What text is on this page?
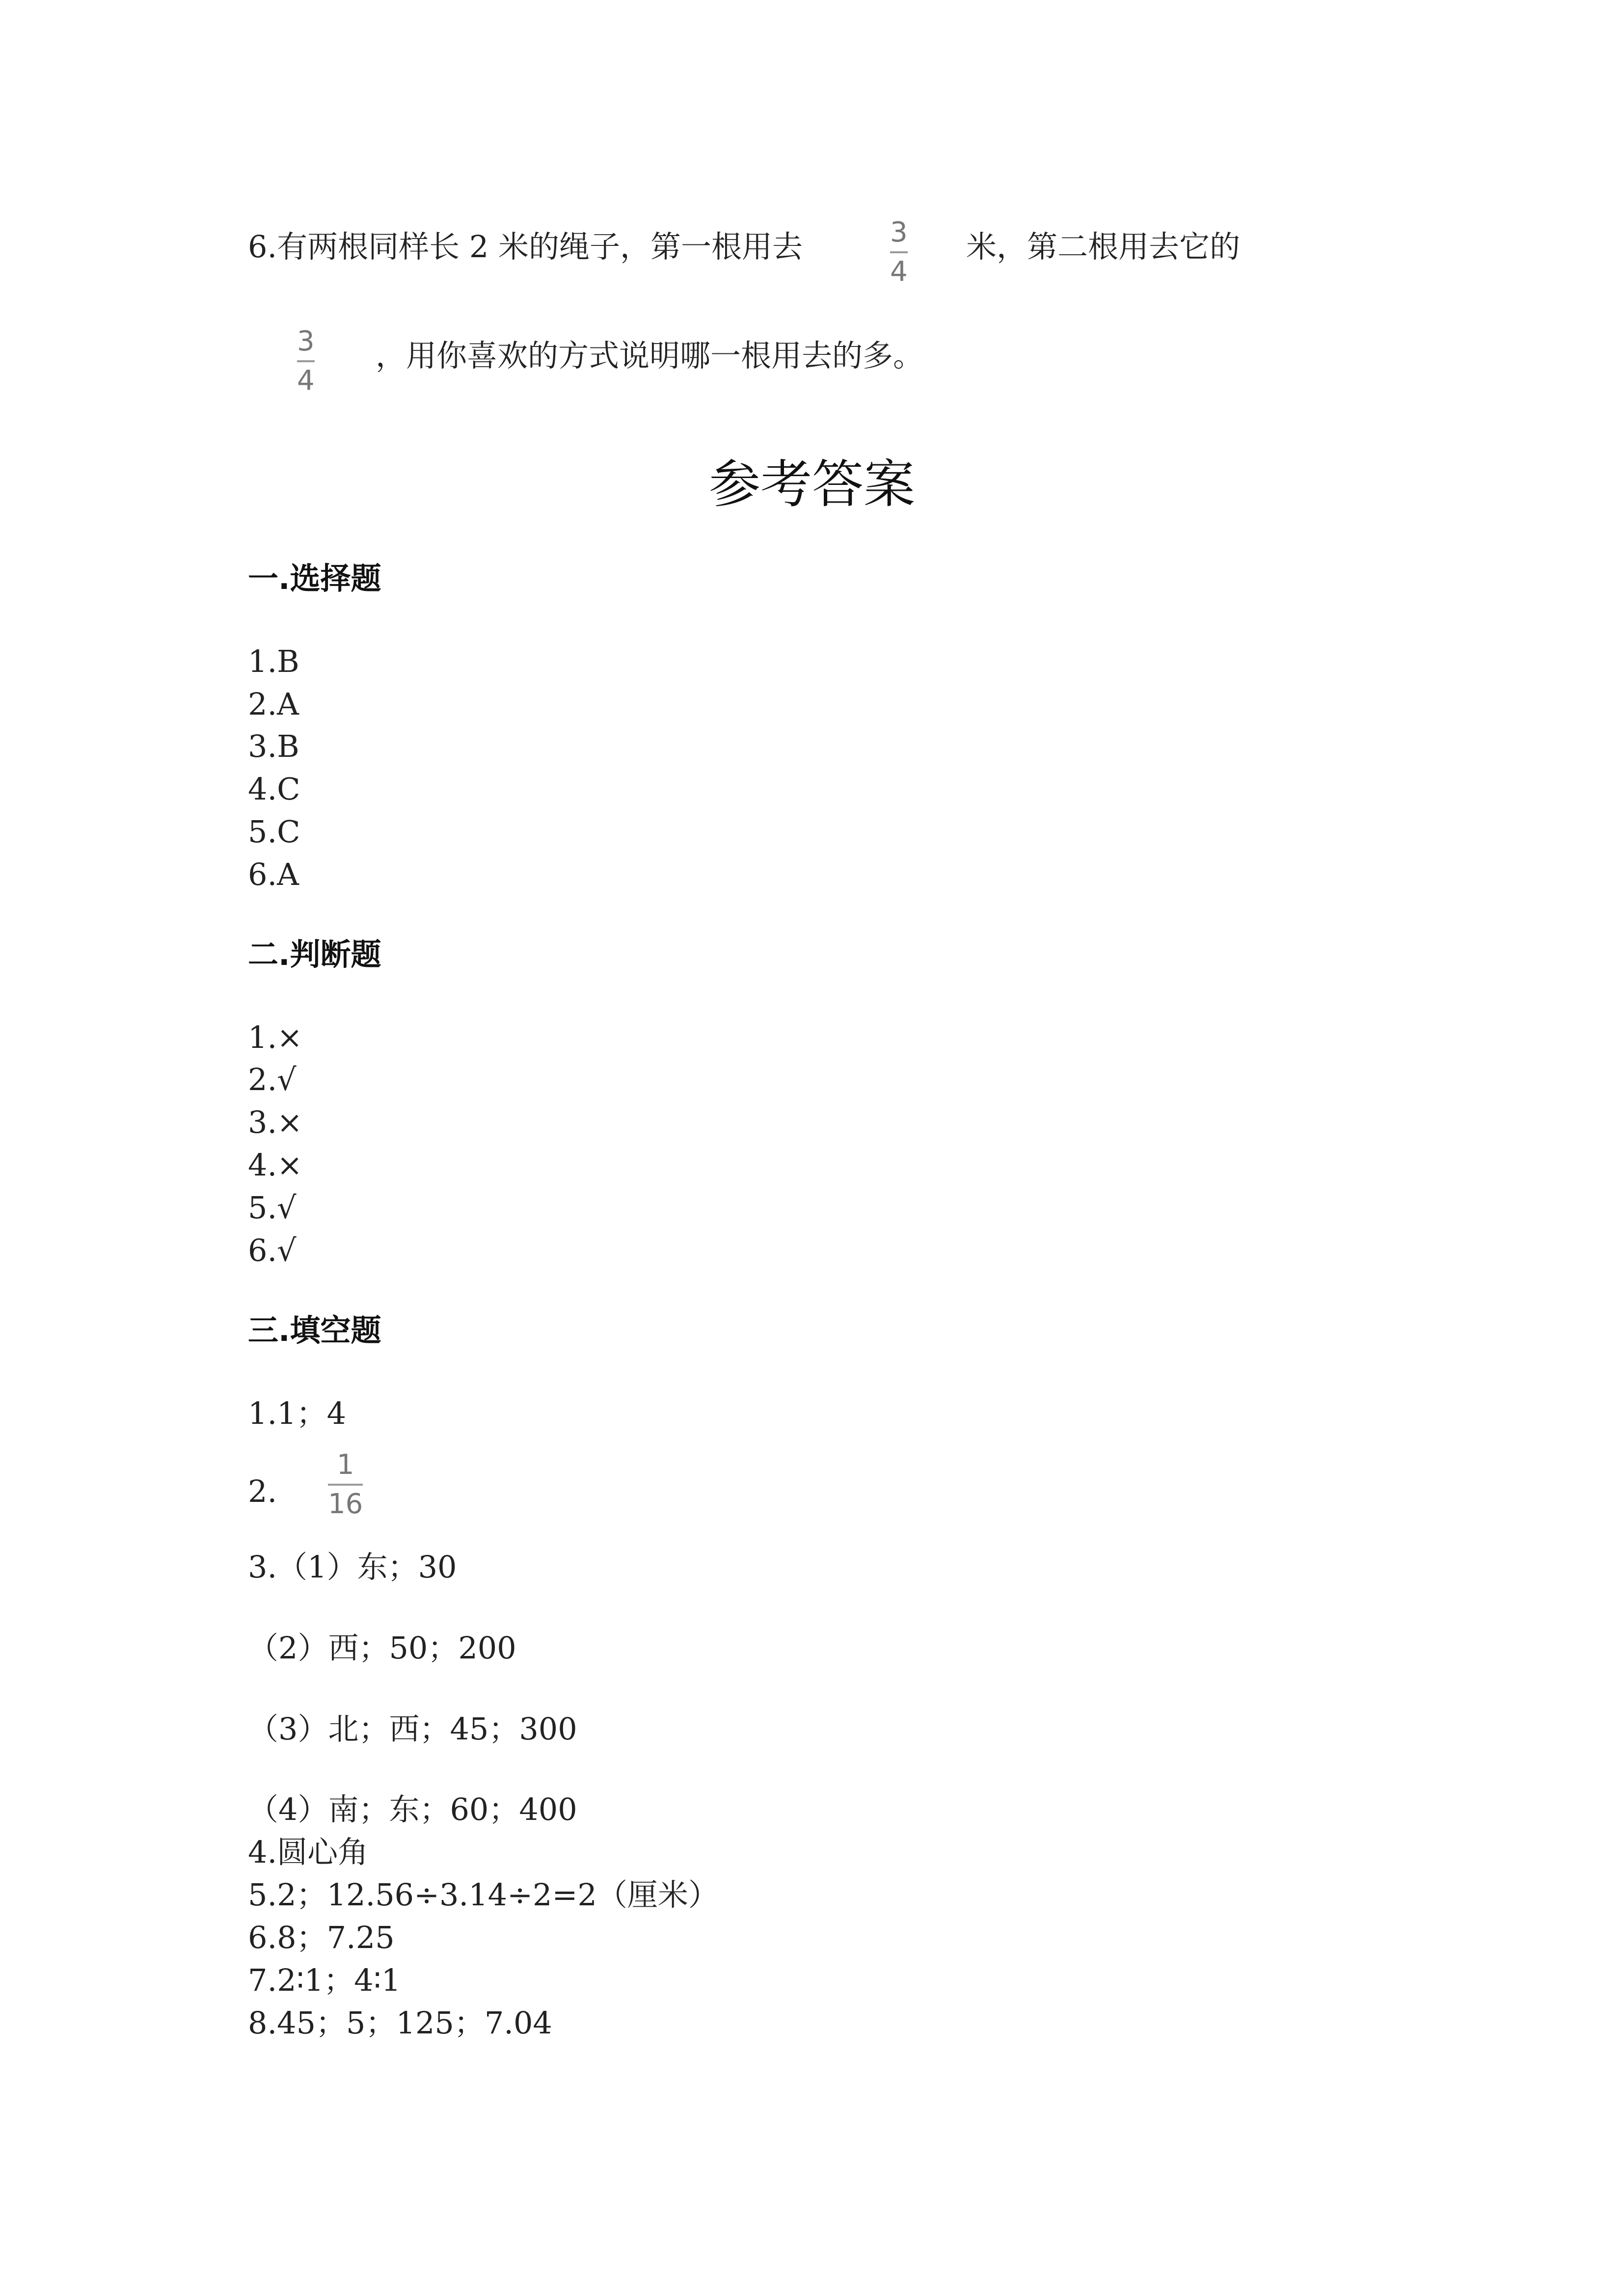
6.有两根同样长 2 米的绳子，第一根用去	3
4
米，第二根用去它的
3
4
，用你喜欢的方式说明哪一根用去的多。
参考答案
一.选择题
1.B
2.A
3.B
4.C
5.C
6.A
二.判断题
1.×
2.√
3.×
4.×
5.√
6.√
三.填空题
1.1；4
2.
1
16
3.（1）东；30
（2）西；50；200
（3）北；西；45；300
（4）南；东；60；400
4.圆心角
5.2；12.56÷3.14÷2=2（厘米）
6.8；7.25
7.2∶1；4∶1
8.45；5；125；7.04
